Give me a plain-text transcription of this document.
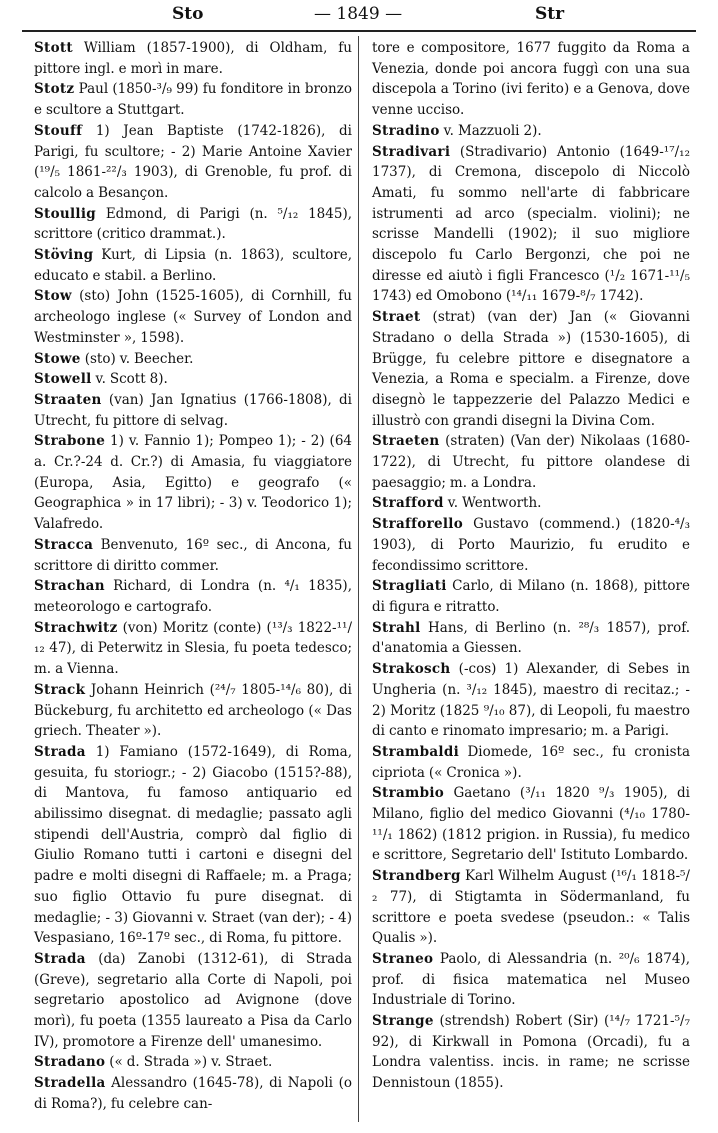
Sto	— 1849 —	Str

Stott William (1857-1900), di Oldham, fu pittore ingl. e morì in mare.

Stotz Paul (1850-³/₉ 99) fu fonditore in bronzo e scultore a Stuttgart.

Stouff 1) Jean Baptiste (1742-1826), di Parigi, fu scultore; - 2) Marie Antoine Xavier (¹⁹/₅ 1861-²²/₃ 1903), di Grenoble, fu prof. di calcolo a Besançon.

Stoullig Edmond, di Parigi (n. ⁵/₁₂ 1845), scrittore (critico drammat.).

Stöving Kurt, di Lipsia (n. 1863), scultore, educato e stabil. a Berlino.

Stow (sto) John (1525-1605), di Cornhill, fu archeologo inglese (« Survey of London and Westminster », 1598).

Stowe (sto) v. Beecher.

Stowell v. Scott 8).

Straaten (van) Jan Ignatius (1766-1808), di Utrecht, fu pittore di selvag.

Strabone 1) v. Fannio 1); Pompeo 1); - 2) (64 a. Cr.?-24 d. Cr.?) di Amasia, fu viaggiatore (Europa, Asia, Egitto) e geografo (« Geographica » in 17 libri); - 3) v. Teodorico 1); Valafredo.

Stracca Benvenuto, 16º sec., di Ancona, fu scrittore di diritto commer.

Strachan Richard, di Londra (n. ⁴/₁ 1835), meteorologo e cartografo.

Strachwitz (von) Moritz (conte) (¹³/₃ 1822-¹¹/₁₂ 47), di Peterwitz in Slesia, fu poeta tedesco; m. a Vienna.

Strack Johann Heinrich (²⁴/₇ 1805-¹⁴/₆ 80), di Bückeburg, fu architetto ed archeologo (« Das griech. Theater »).

Strada 1) Famiano (1572-1649), di Roma, gesuita, fu storiogr.; - 2) Giacobo (1515?-88), di Mantova, fu famoso antiquario ed abilissimo disegnat. di medaglie; passato agli stipendi dell'Austria, comprò dal figlio di Giulio Romano tutti i cartoni e disegni del padre e molti disegni di Raffaele; m. a Praga; suo figlio Ottavio fu pure disegnat. di medaglie; - 3) Giovanni v. Straet (van der); - 4) Vespasiano, 16º-17º sec., di Roma, fu pittore.

Strada (da) Zanobi (1312-61), di Strada (Greve), segretario alla Corte di Napoli, poi segretario apostolico ad Avignone (dove morì), fu poeta (1355 laureato a Pisa da Carlo IV), promotore a Firenze dell' umanesimo.

Stradano (« d. Strada ») v. Straet.

Stradella Alessandro (1645-78), di Napoli (o di Roma?), fu celebre can-

tore e compositore, 1677 fuggito da Roma a Venezia, donde poi ancora fuggì con una sua discepola a Torino (ivi ferito) e a Genova, dove venne ucciso.

Stradino v. Mazzuoli 2).

Stradivari (Stradivario) Antonio (1649-¹⁷/₁₂ 1737), di Cremona, discepolo di Niccolò Amati, fu sommo nell'arte di fabbricare istrumenti ad arco (specialm. violini); ne scrisse Mandelli (1902); il suo migliore discepolo fu Carlo Bergonzi, che poi ne diresse ed aiutò i figli Francesco (¹/₂ 1671-¹¹/₅ 1743) ed Omobono (¹⁴/₁₁ 1679-⁸/₇ 1742).

Straet (strat) (van der) Jan (« Giovanni Stradano o della Strada ») (1530-1605), di Brügge, fu celebre pittore e disegnatore a Venezia, a Roma e specialm. a Firenze, dove disegnò le tappezzerie del Palazzo Medici e illustrò con grandi disegni la Divina Com.

Straeten (straten) (Van der) Nikolaas (1680-1722), di Utrecht, fu pittore olandese di paesaggio; m. a Londra.

Strafford v. Wentworth.

Strafforello Gustavo (commend.) (1820-⁴/₃ 1903), di Porto Maurizio, fu erudito e fecondissimo scrittore.

Stragliati Carlo, di Milano (n. 1868), pittore di figura e ritratto.

Strahl Hans, di Berlino (n. ²⁸/₃ 1857), prof. d'anatomia a Giessen.

Strakosch (-cos) 1) Alexander, di Sebes in Ungheria (n. ³/₁₂ 1845), maestro di recitaz.; - 2) Moritz (1825 ⁹/₁₀ 87), di Leopoli, fu maestro di canto e rinomato impresario; m. a Parigi.

Strambaldi Diomede, 16º sec., fu cronista cipriota (« Cronica »).

Strambio Gaetano (³/₁₁ 1820 ⁹/₃ 1905), di Milano, figlio del medico Giovanni (⁴/₁₀ 1780-¹¹/₁ 1862) (1812 prigion. in Russia), fu medico e scrittore, Segretario dell' Istituto Lombardo.

Strandberg Karl Wilhelm August (¹⁶/₁ 1818-⁵/₂ 77), di Stigtamta in Södermanland, fu scrittore e poeta svedese (pseudon.: « Talis Qualis »).

Straneo Paolo, di Alessandria (n. ²⁰/₆ 1874), prof. di fisica matematica nel Museo Industriale di Torino.

Strange (strendsh) Robert (Sir) (¹⁴/₇ 1721-⁵/₇ 92), di Kirkwall in Pomona (Orcadi), fu a Londra valentiss. incis. in rame; ne scrisse Dennistoun (1855).
